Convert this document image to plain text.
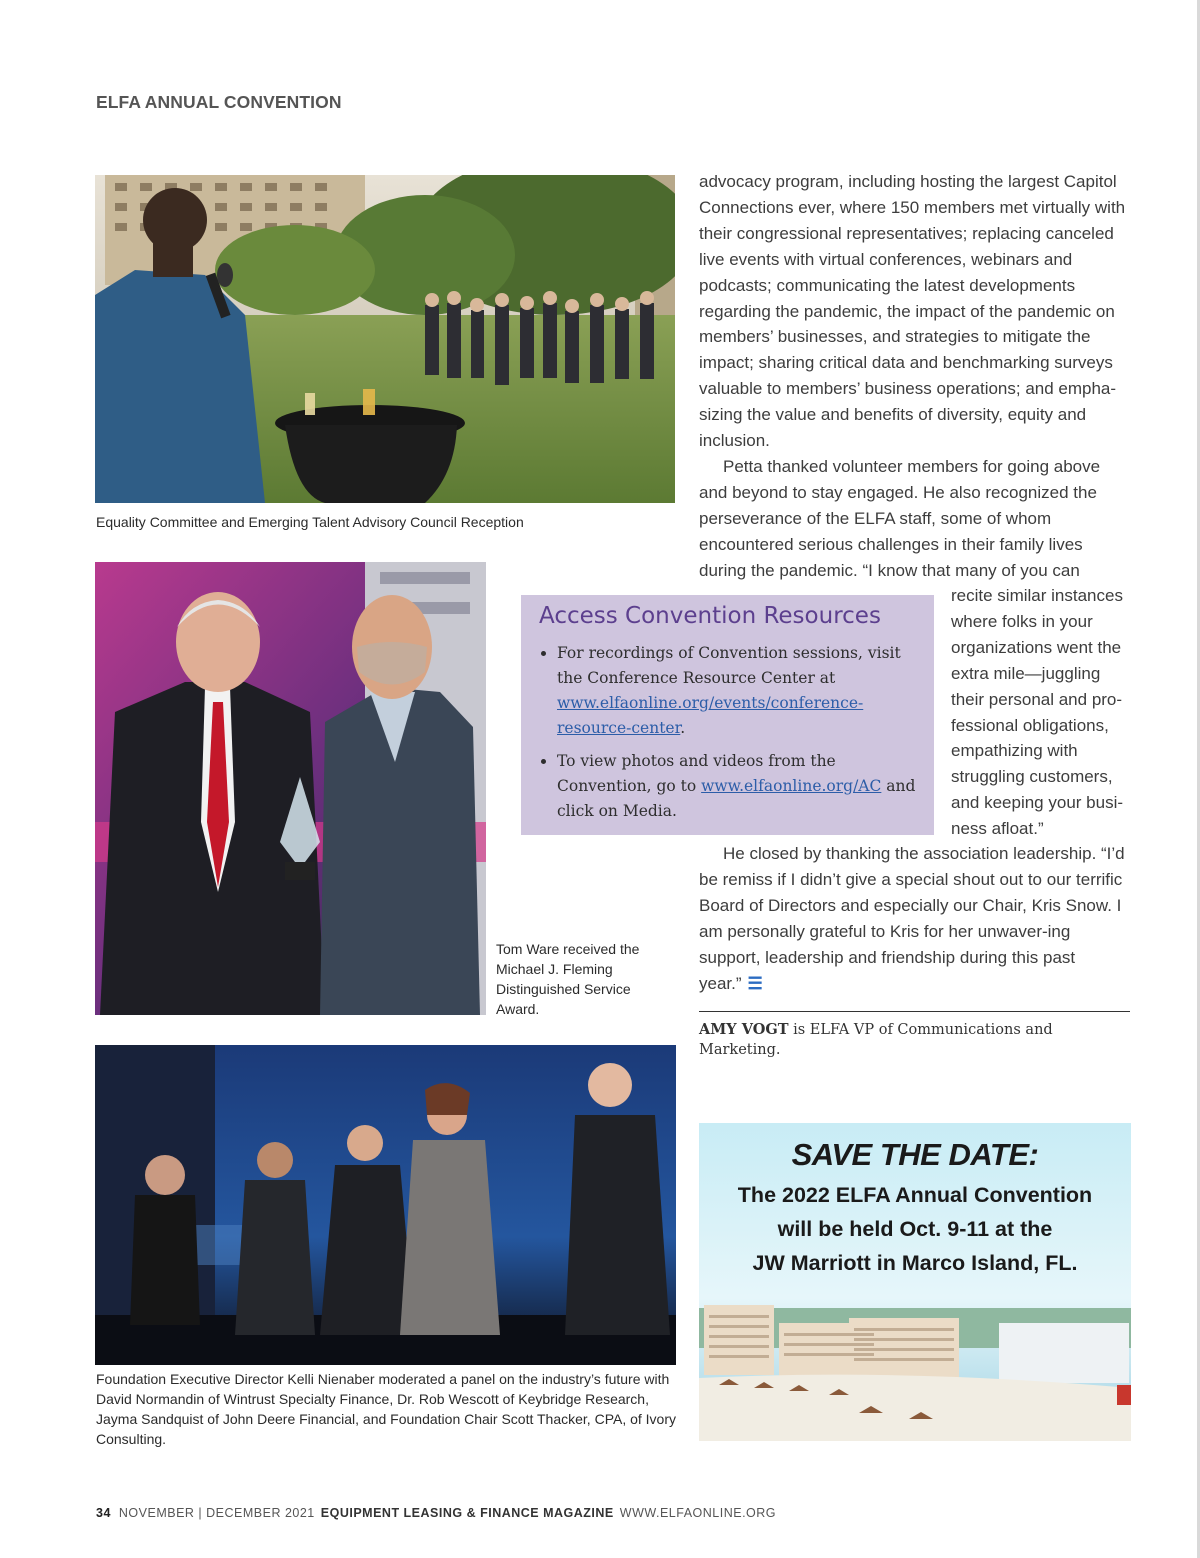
ELFA ANNUAL CONVENTION
Equality Committee and Emerging Talent Advisory Council Reception
Tom Ware received the Michael J. Fleming Distinguished Service Award.
Access Convention Resources
• For recordings of Convention sessions, visit the Conference Resource Center at www.elfaonline.org/events/conference-resource-center.
• To view photos and videos from the Convention, go to www.elfaonline.org/AC and click on Media.

advocacy program, including hosting the largest Capitol Connections ever, where 150 members met virtually with their congressional representatives; replacing canceled live events with virtual conferences, webinars and podcasts; communicating the latest developments regarding the pandemic, the impact of the pandemic on members’ businesses, and strategies to mitigate the impact; sharing critical data and benchmarking surveys valuable to members’ business operations; and empha-sizing the value and benefits of diversity, equity and inclusion.

Petta thanked volunteer members for going above and beyond to stay engaged. He also recognized the perseverance of the ELFA staff, some of whom encountered serious challenges in their family lives during the pandemic. “I know that many of you can

recite similar instances where folks in your organizations went the extra mile—juggling their personal and pro-fessional obligations, empathizing with struggling customers, and keeping your busi-ness afloat.”

He closed by thanking the association leadership. “I’d be remiss if I didn’t give a special shout out to our terrific Board of Directors and especially our Chair, Kris Snow. I am personally grateful to Kris for her unwaver-ing support, leadership and friendship during this past year.” ☰

AMY VOGT is ELFA VP of Communications and Marketing.
Foundation Executive Director Kelli Nienaber moderated a panel on the industry’s future with David Normandin of Wintrust Specialty Finance, Dr. Rob Wescott of Keybridge Research, Jayma Sandquist of John Deere Financial, and Foundation Chair Scott Thacker, CPA, of Ivory Consulting.
SAVE THE DATE:
The 2022 ELFA Annual Convention
will be held Oct. 9-11 at the
JW Marriott in Marco Island, FL.
34 NOVEMBER | DECEMBER 2021 EQUIPMENT LEASING & FINANCE MAGAZINE WWW.ELFAONLINE.ORG
